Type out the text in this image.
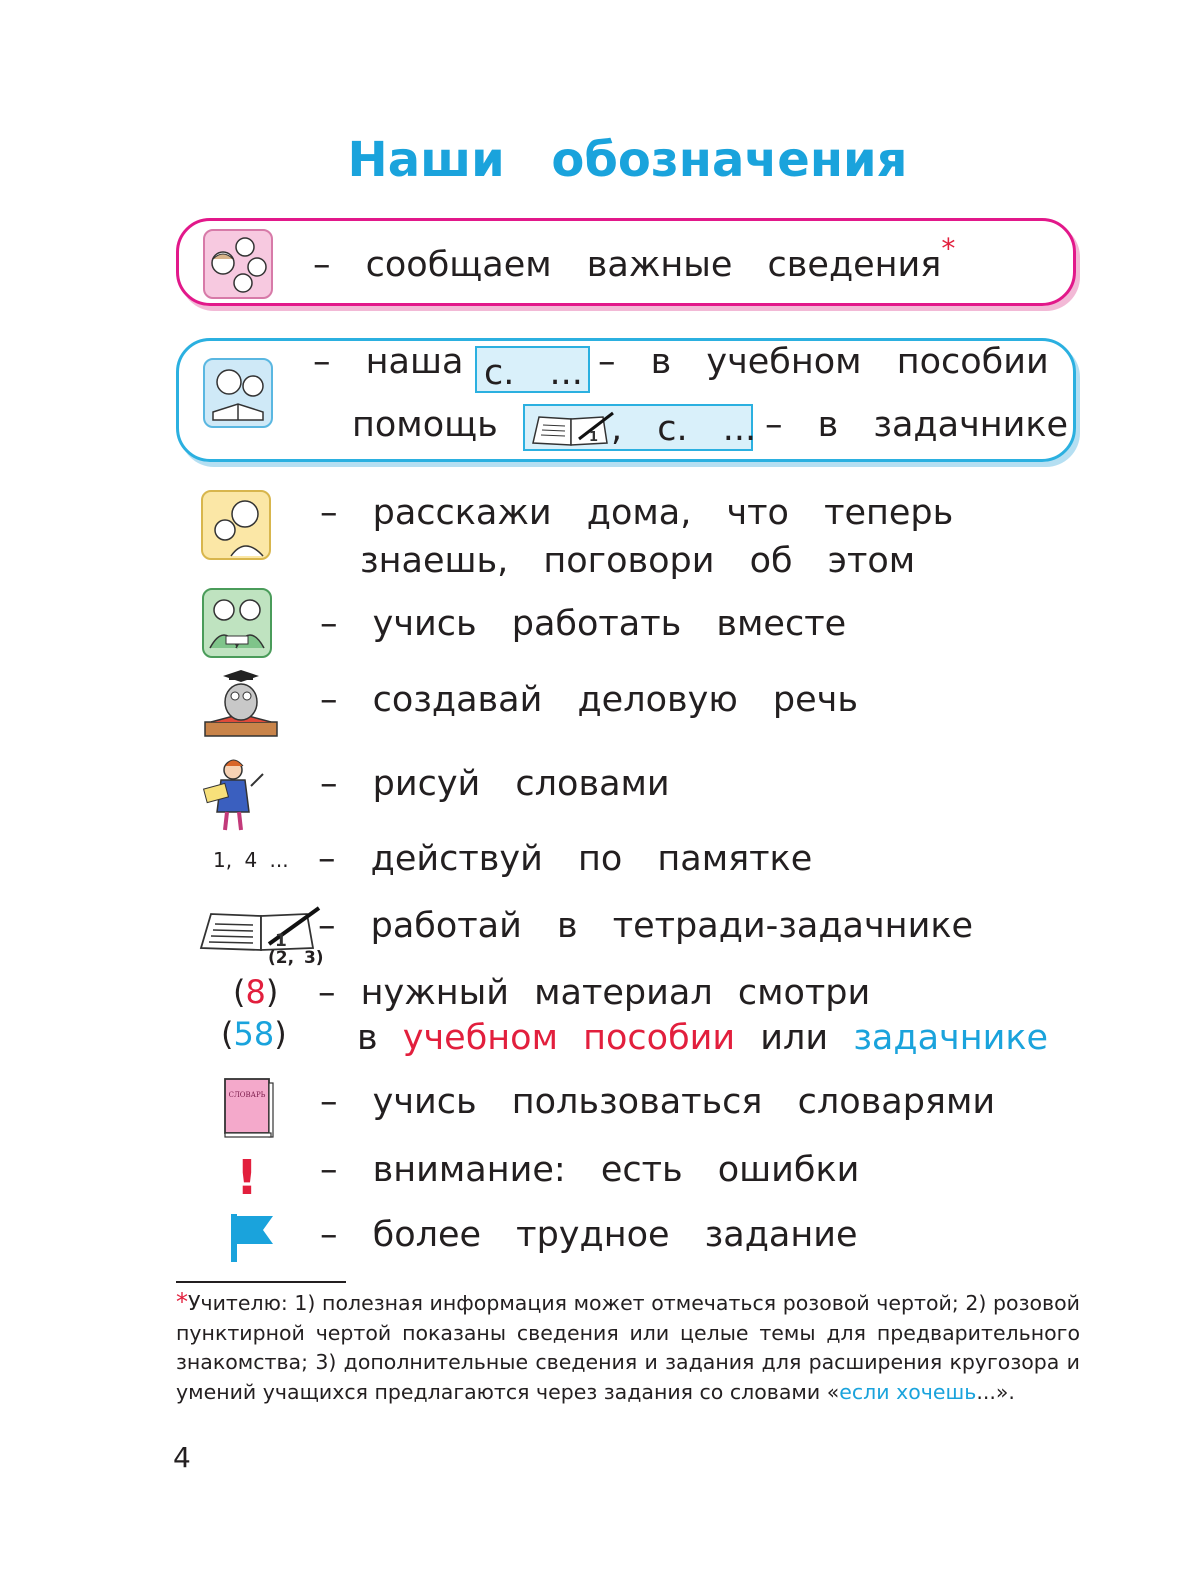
Наши обозначения
– сообщаем важные сведения*
– наша с. ... – в учебном пособии
помощь	1 , с. ... – в задачнике
– расскажи дома, что теперь
знаешь, поговори об этом
– учись работать вместе
– создавай деловую речь
– рисуй словами
1, 4 ... – действуй по памятке
1
(2, 3)
– работай в тетради-задачнике
(8)
(58)
– нужный материал смотри
в учебном пособии или задачнике
СЛОВАРЬ – учись пользоваться словарями
! – внимание: есть ошибки
– более трудное задание
*Учителю: 1) полезная информация может отмечаться розовой чертой; 2) розовой пунктирной чертой показаны сведения или целые темы для предварительного знакомства; 3) дополнительные сведения и задания для расширения кругозора и умений учащихся предлагаются через задания со словами «если хочешь...».
4
